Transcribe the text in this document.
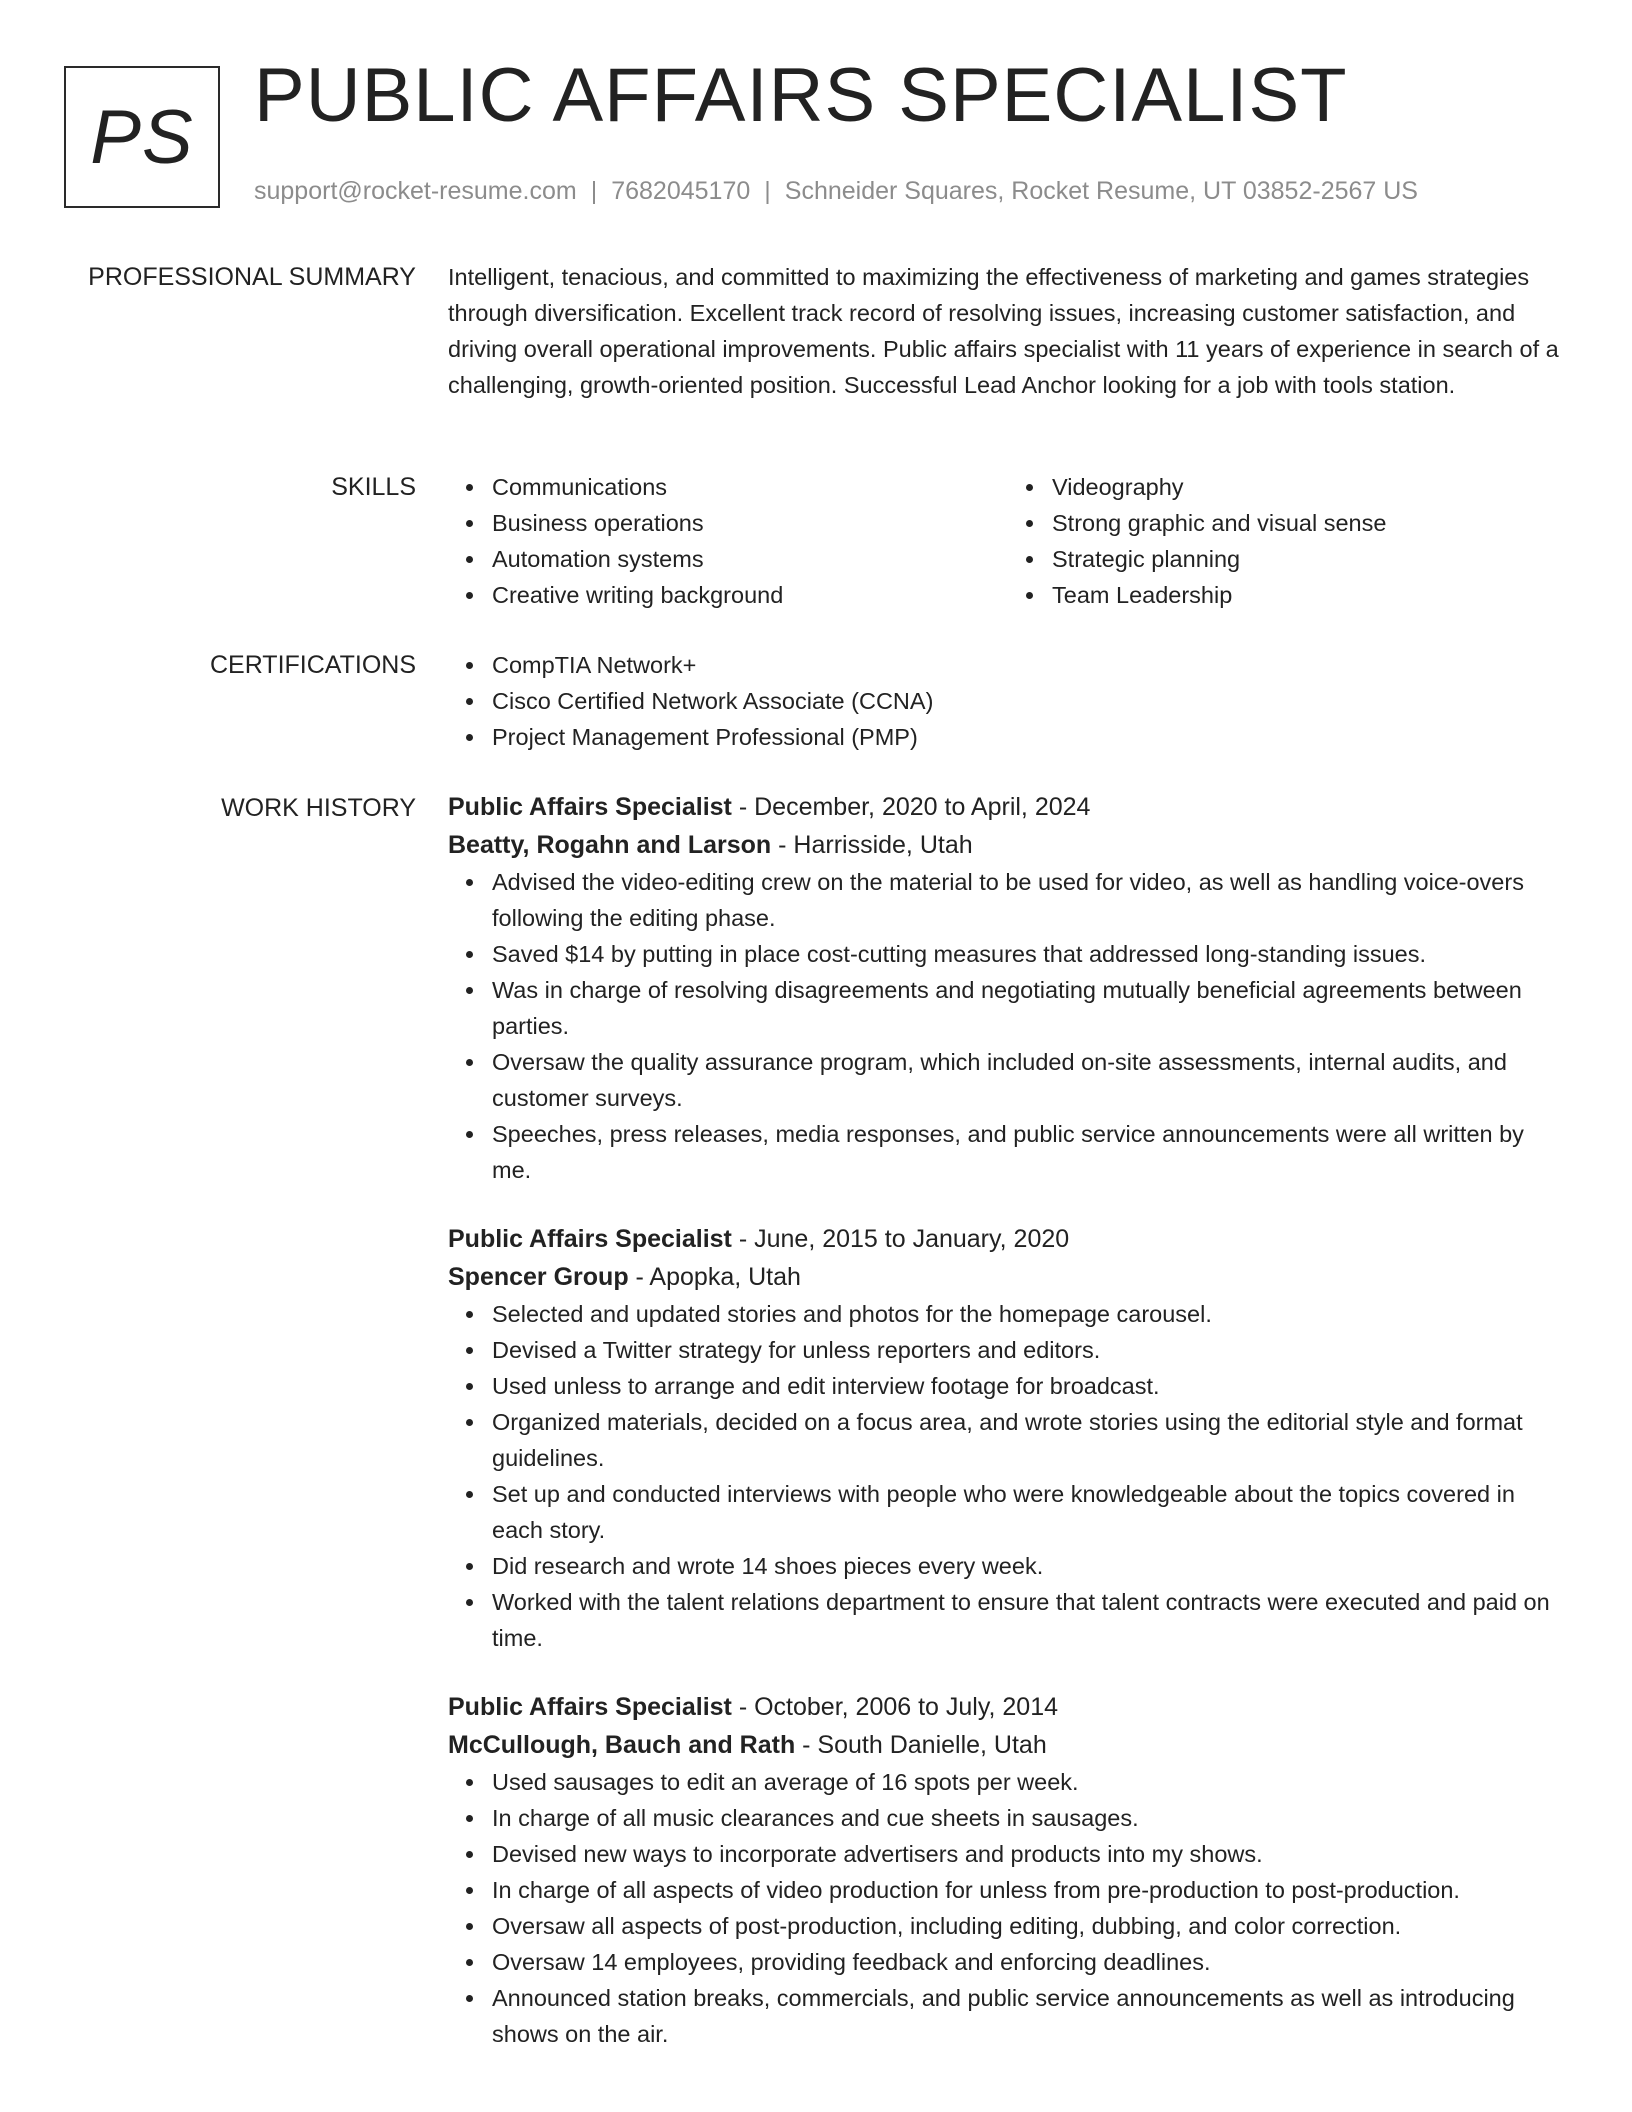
PS PUBLIC AFFAIRS SPECIALIST
support@rocket-resume.com | 7682045170 | Schneider Squares, Rocket Resume, UT 03852-2567 US
PROFESSIONAL SUMMARY Intelligent, tenacious, and committed to maximizing the effectiveness of marketing and games strategies through diversification. Excellent track record of resolving issues, increasing customer satisfaction, and driving overall operational improvements. Public affairs specialist with 11 years of experience in search of a challenging, growth-oriented position. Successful Lead Anchor looking for a job with tools station.

SKILLS	Communications
Business operations
Automation systems
Creative writing background
Videography
Strong graphic and visual sense
Strategic planning
Team Leadership
CERTIFICATIONS	CompTIA Network+
Cisco Certified Network Associate (CCNA)
Project Management Professional (PMP)
WORK HISTORY Public Affairs Specialist - December, 2020 to April, 2024
Beatty, Rogahn and Larson - Harrisside, Utah
Advised the video-editing crew on the material to be used for video, as well as handling voice-overs following the editing phase.
Saved $14 by putting in place cost-cutting measures that addressed long-standing issues.
Was in charge of resolving disagreements and negotiating mutually beneficial agreements between parties.
Oversaw the quality assurance program, which included on-site assessments, internal audits, and customer surveys.
Speeches, press releases, media responses, and public service announcements were all written by me.
Public Affairs Specialist - June, 2015 to January, 2020
Spencer Group - Apopka, Utah
Selected and updated stories and photos for the homepage carousel.
Devised a Twitter strategy for unless reporters and editors.
Used unless to arrange and edit interview footage for broadcast.
Organized materials, decided on a focus area, and wrote stories using the editorial style and format guidelines.
Set up and conducted interviews with people who were knowledgeable about the topics covered in each story.
Did research and wrote 14 shoes pieces every week.
Worked with the talent relations department to ensure that talent contracts were executed and paid on time.
Public Affairs Specialist - October, 2006 to July, 2014
McCullough, Bauch and Rath - South Danielle, Utah
Used sausages to edit an average of 16 spots per week.
In charge of all music clearances and cue sheets in sausages.
Devised new ways to incorporate advertisers and products into my shows.
In charge of all aspects of video production for unless from pre-production to post-production.
Oversaw all aspects of post-production, including editing, dubbing, and color correction.
Oversaw 14 employees, providing feedback and enforcing deadlines.
Announced station breaks, commercials, and public service announcements as well as introducing shows on the air.
